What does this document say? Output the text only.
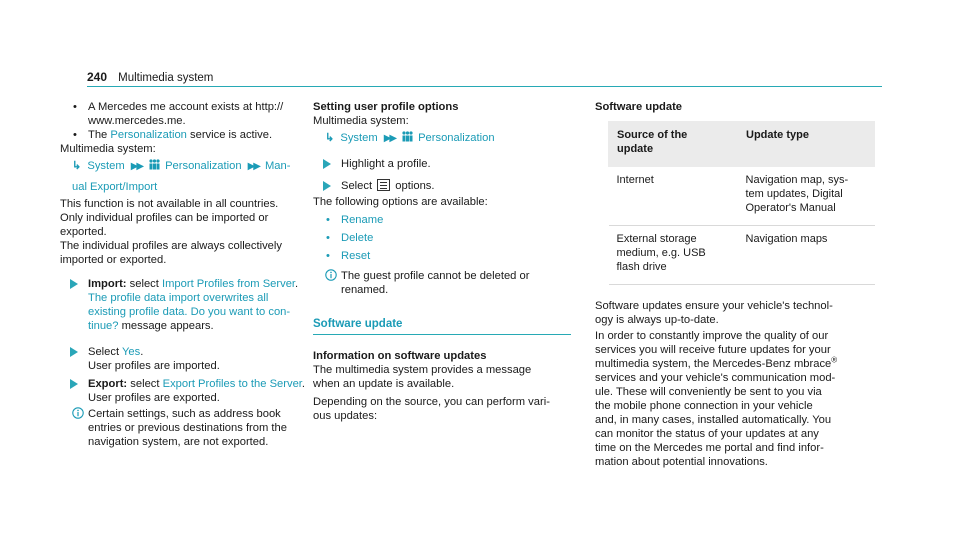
240 Multimedia system
• A Mercedes me account exists at http://
www.mercedes.me.
• The Personalization service is active.

Multimedia system:

↳ System ▶▶ Personalization ▶▶ Man-
ual Export/Import

This function is not available in all countries.

Only individual profiles can be imported or
exported.

The individual profiles are always collectively
imported or exported.

Import: select Import Profiles from Server.
The profile data import overwrites all
existing profile data. Do you want to con-
tinue? message appears.
Select Yes.
User profiles are imported.
Export: select Export Profiles to the Server.
User profiles are exported.
Certain settings, such as address book
entries or previous destinations from the
navigation system, are not exported.

Setting user profile options

Multimedia system:

↳ System ▶▶ Personalization
Highlight a profile.
Select
options.

The following options are available:

• Rename
• Delete
• Reset
The guest profile cannot be deleted or
renamed.
Software update

Information on software updates

The multimedia system provides a message
when an update is available.

Depending on the source, you can perform vari-
ous updates:

Software update

Source of the
update	Update type
Internet	Navigation map, sys-
tem updates, Digital
Operator's Manual
External storage
medium, e.g. USB
flash drive	Navigation maps

Software updates ensure your vehicle's technol-
ogy is always up-to-date.

In order to constantly improve the quality of our
services you will receive future updates for your
multimedia system, the Mercedes-Benz mbrace®
services and your vehicle's communication mod-
ule. These will conveniently be sent to you via
the mobile phone connection in your vehicle
and, in many cases, installed automatically. You
can monitor the status of your updates at any
time on the Mercedes me portal and find infor-
mation about potential innovations.
